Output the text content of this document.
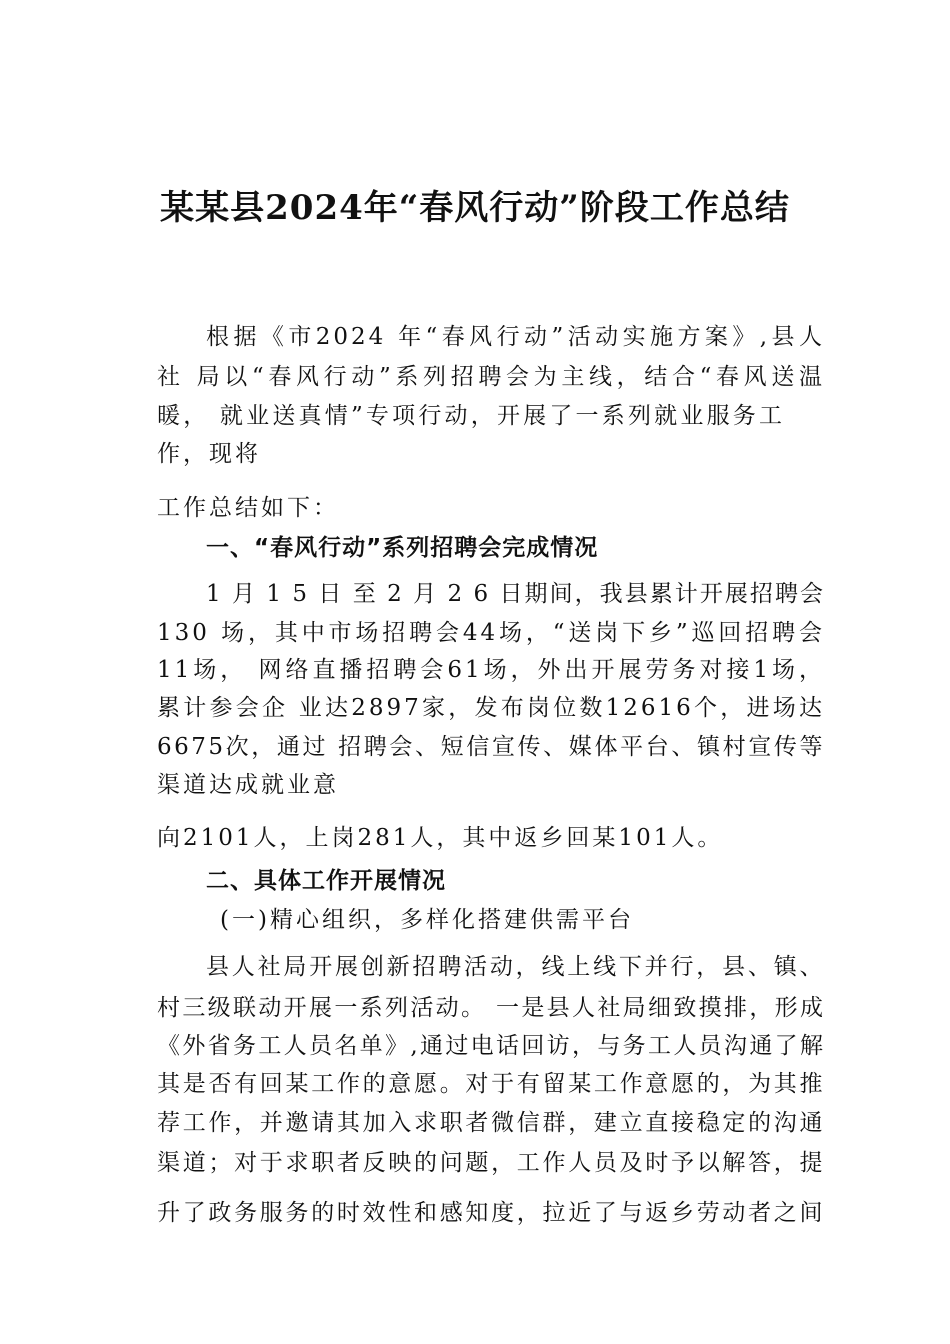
某某县2024年“春风行动”阶段工作总结

根据《市2024 年“春风行动”活动实施方案》,县人

社 局以“春风行动”系列招聘会为主线，结合“春风送温

暖， 就业送真情”专项行动，开展了一系列就业服务工

作，现将

工作总结如下：

一、“春风行动”系列招聘会完成情况

1 月 1 5 日 至 2 月 2 6 日期间，我县累计开展招聘会

130 场，其中市场招聘会44场，“送岗下乡”巡回招聘会

11场， 网络直播招聘会61场，外出开展劳务对接1场，

累计参会企 业达2897家，发布岗位数12616个，进场达

6675次，通过 招聘会、短信宣传、媒体平台、镇村宣传等

渠道达成就业意

向2101人，上岗281人，其中返乡回某101人。

二、具体工作开展情况

(一)精心组织，多样化搭建供需平台

县人社局开展创新招聘活动，线上线下并行，县、镇、

村三级联动开展一系列活动。 一是县人社局细致摸排，形成

《外省务工人员名单》,通过电话回访，与务工人员沟通了解

其是否有回某工作的意愿。对于有留某工作意愿的，为其推

荐工作，并邀请其加入求职者微信群，建立直接稳定的沟通

渠道；对于求职者反映的问题，工作人员及时予以解答，提

升了政务服务的时效性和感知度，拉近了与返乡劳动者之间
